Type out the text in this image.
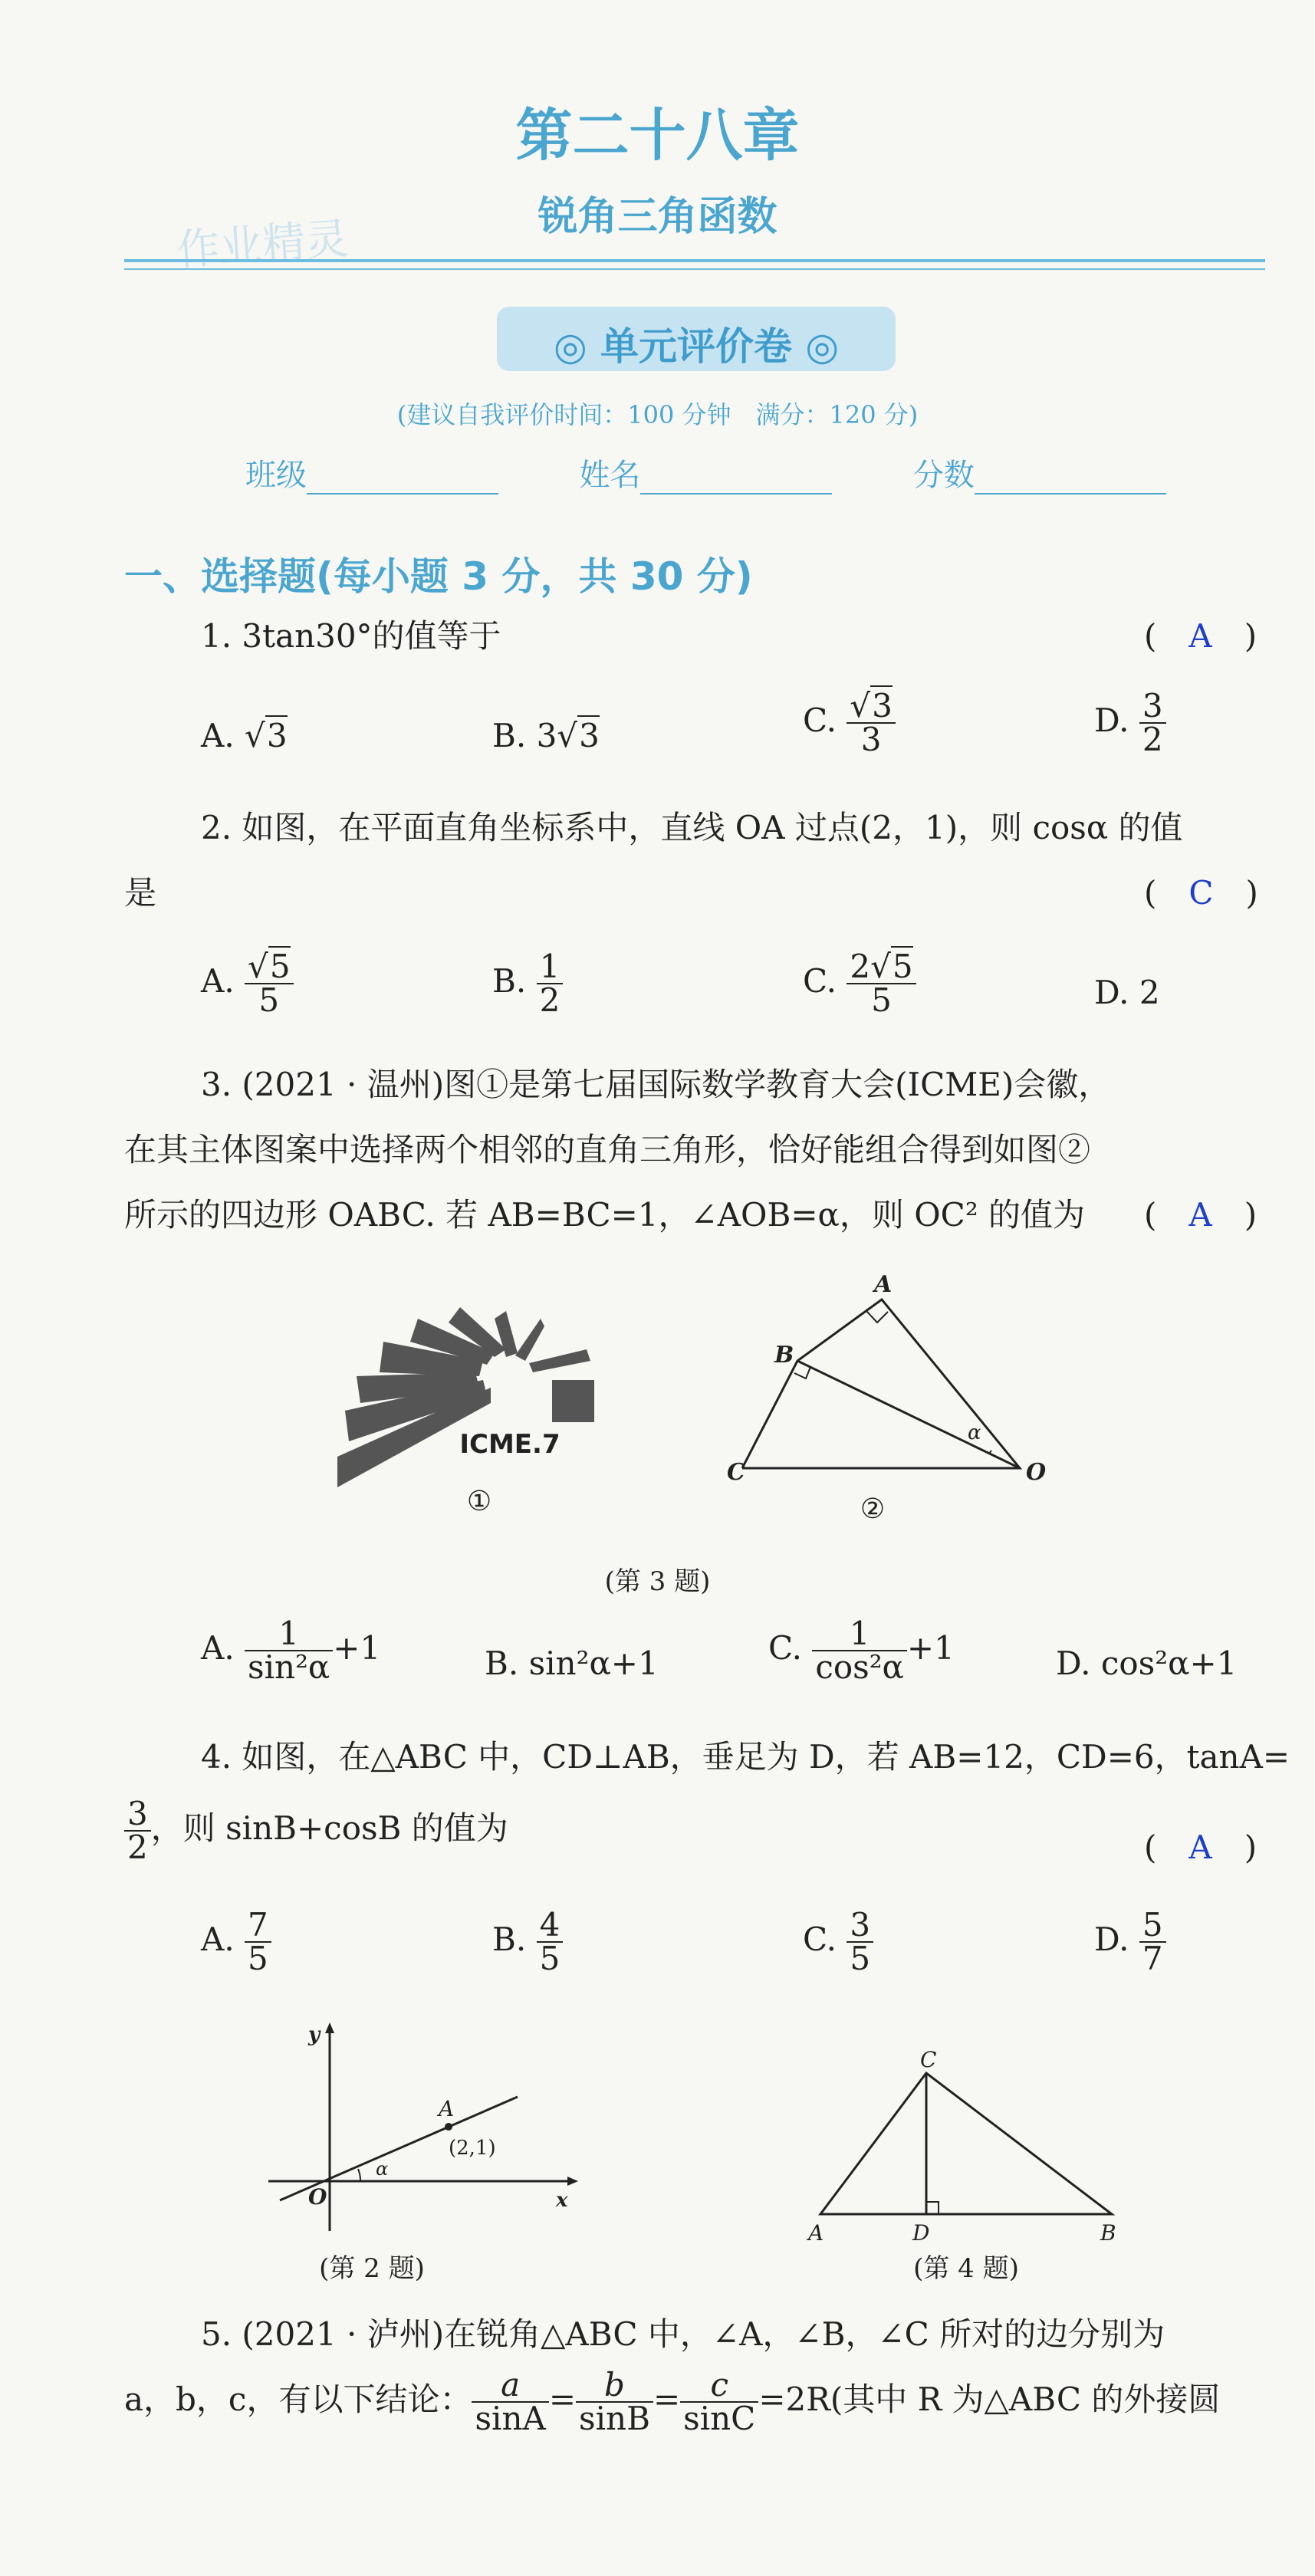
第二十八章
锐角三角函数
作业精灵
◎ 单元评价卷 ◎
(建议自我评价时间：100 分钟　满分：120 分)
班级	姓名	分数
一、选择题(每小题 3 分，共 30 分)
1. 3tan30°的值等于	(　A　)
A. √3	B. 3√3	C. $\frac{√3}{3}$	D. $\frac{3}{2}$
2. 如图，在平面直角坐标系中，直线 OA 过点(2，1)，则 cosα 的值
是	(　C　)
A. $\frac{√5}{5}$	B. $\frac{1}{2}$	C. $\frac{2√5}{5}$	D. 2
3. (2021 · 温州)图①是第七届国际数学教育大会(ICME)会徽，
在其主体图案中选择两个相邻的直角三角形，恰好能组合得到如图②
所示的四边形 OABC. 若 AB=BC=1，∠AOB=α，则 OC² 的值为 (　A　)
ICME.7
①
A
B
C	O
α
②
(第 3 题)
A. $\frac{1}{\text{sin²α}} +1$	B. sin²α+1	C. $\frac{1}{\text{cos²α}} +1$	D. cos²α+1
4. 如图，在△ABC 中，CD⊥AB，垂足为 D，若 AB=12，CD=6，tanA=
$\frac{3}{2}$ ，则 sinB+cosB 的值为
(　A　)
A. $\frac{7}{5}$	B. $\frac{4}{5}$	C. $\frac{3}{5}$	D. $\frac{5}{7}$
y
x
O
A
(2,1)
α
(第 2 题)
A	B
C
D
(第 4 题)
5. (2021 · 泸州)在锐角△ABC 中，∠A，∠B，∠C 所对的边分别为
a，b，c，有以下结论： $\frac{a}{\sin A} = \frac{b}{\sin B} = \frac{c}{\sin C} =2R$(其中 R 为△ABC 的外接圆
